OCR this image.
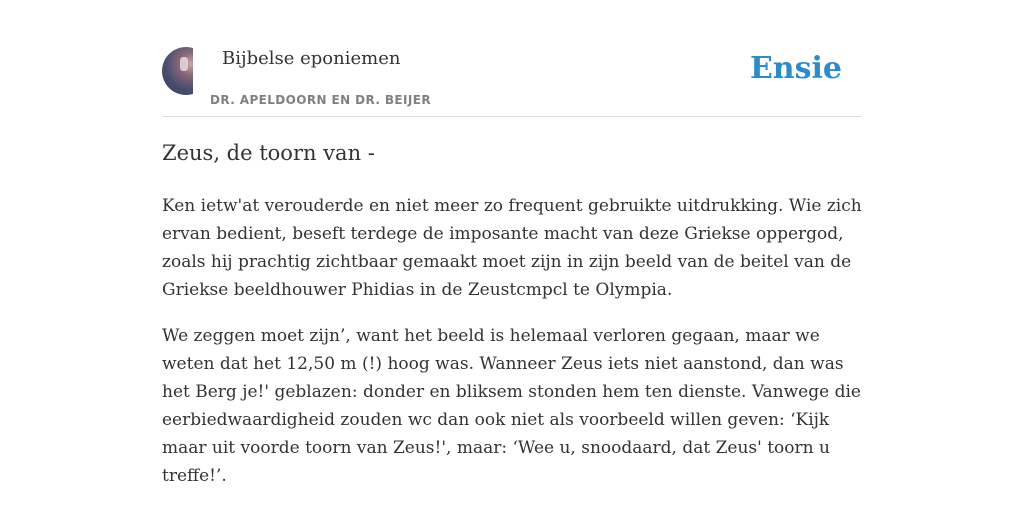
Bijbelse eponiemen
DR. APELDOORN EN DR. BEIJER
Ensie
Zeus, de toorn van -

Ken ietw'at verouderde en niet meer zo frequent gebruikte uitdrukking. Wie zich ervan bedient, beseft terdege de imposante macht van deze Griekse oppergod, zoals hij prachtig zichtbaar gemaakt moet zijn in zijn beeld van de beitel van de Griekse beeldhouwer Phidias in de Zeustcmpcl te Olympia.

We zeggen moet zijn’, want het beeld is helemaal verloren gegaan, maar we weten dat het 12,50 m (!) hoog was. Wanneer Zeus iets niet aanstond, dan was het Berg je!' geblazen: donder en bliksem stonden hem ten dienste. Vanwege die eerbiedwaardigheid zouden wc dan ook niet als voorbeeld willen geven: ‘Kijk maar uit voorde toorn van Zeus!', maar: ‘Wee u, snoodaard, dat Zeus' toorn u treffe!’.
